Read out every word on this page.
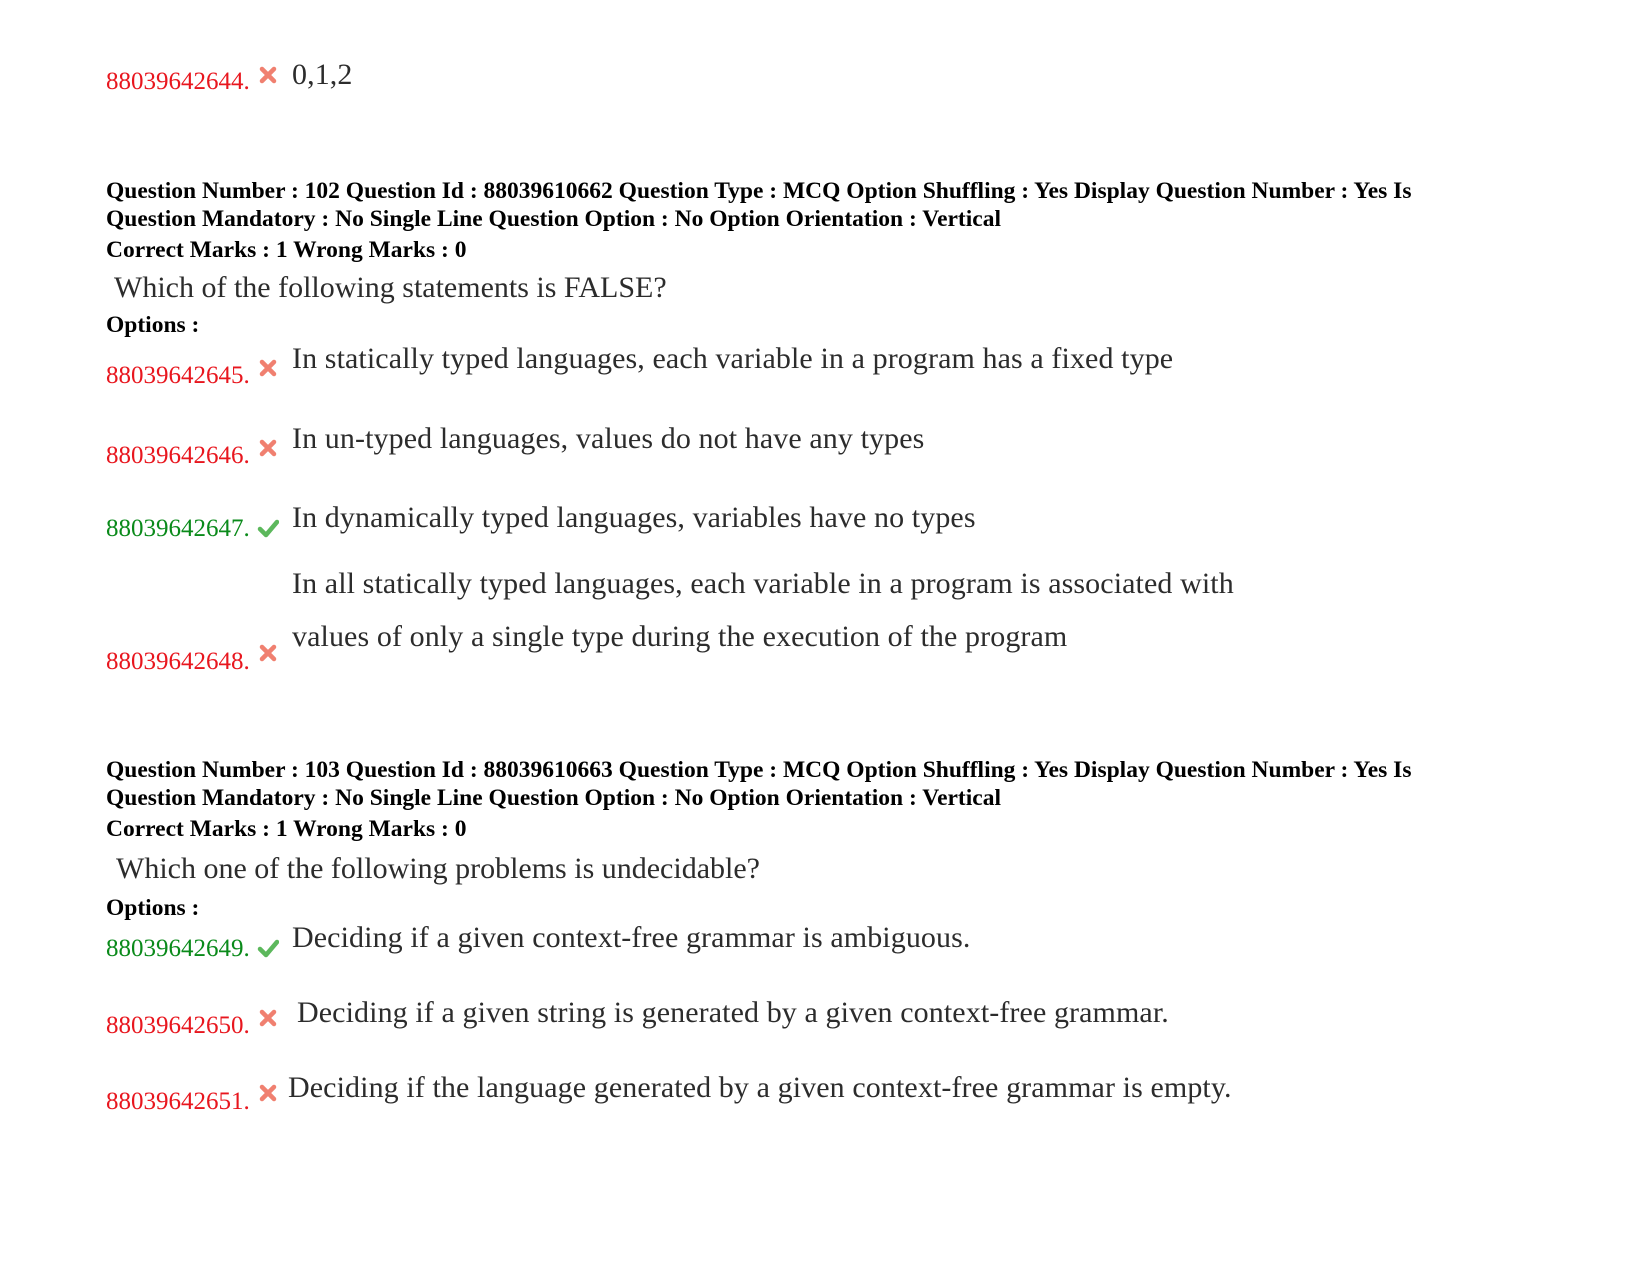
88039642644. 0,1,2
Question Number : 102 Question Id : 88039610662 Question Type : MCQ Option Shuffling : Yes Display Question Number : Yes Is
Question Mandatory : No Single Line Question Option : No Option Orientation : Vertical
Correct Marks : 1 Wrong Marks : 0
Which of the following statements is FALSE?
Options :
88039642645.
In statically typed languages, each variable in a program has a fixed type
88039642646.
In un-typed languages, values do not have any types
88039642647. In dynamically typed languages, variables have no types
88039642648.
In all statically typed languages, each variable in a program is associated with
values of only a single type during the execution of the program
Question Number : 103 Question Id : 88039610663 Question Type : MCQ Option Shuffling : Yes Display Question Number : Yes Is
Question Mandatory : No Single Line Question Option : No Option Orientation : Vertical
Correct Marks : 1 Wrong Marks : 0
Which one of the following problems is undecidable?
Options :
88039642649. Deciding if a given context-free grammar is ambiguous.
88039642650. Deciding if a given string is generated by a given context-free grammar.
88039642651. Deciding if the language generated by a given context-free grammar is empty.
